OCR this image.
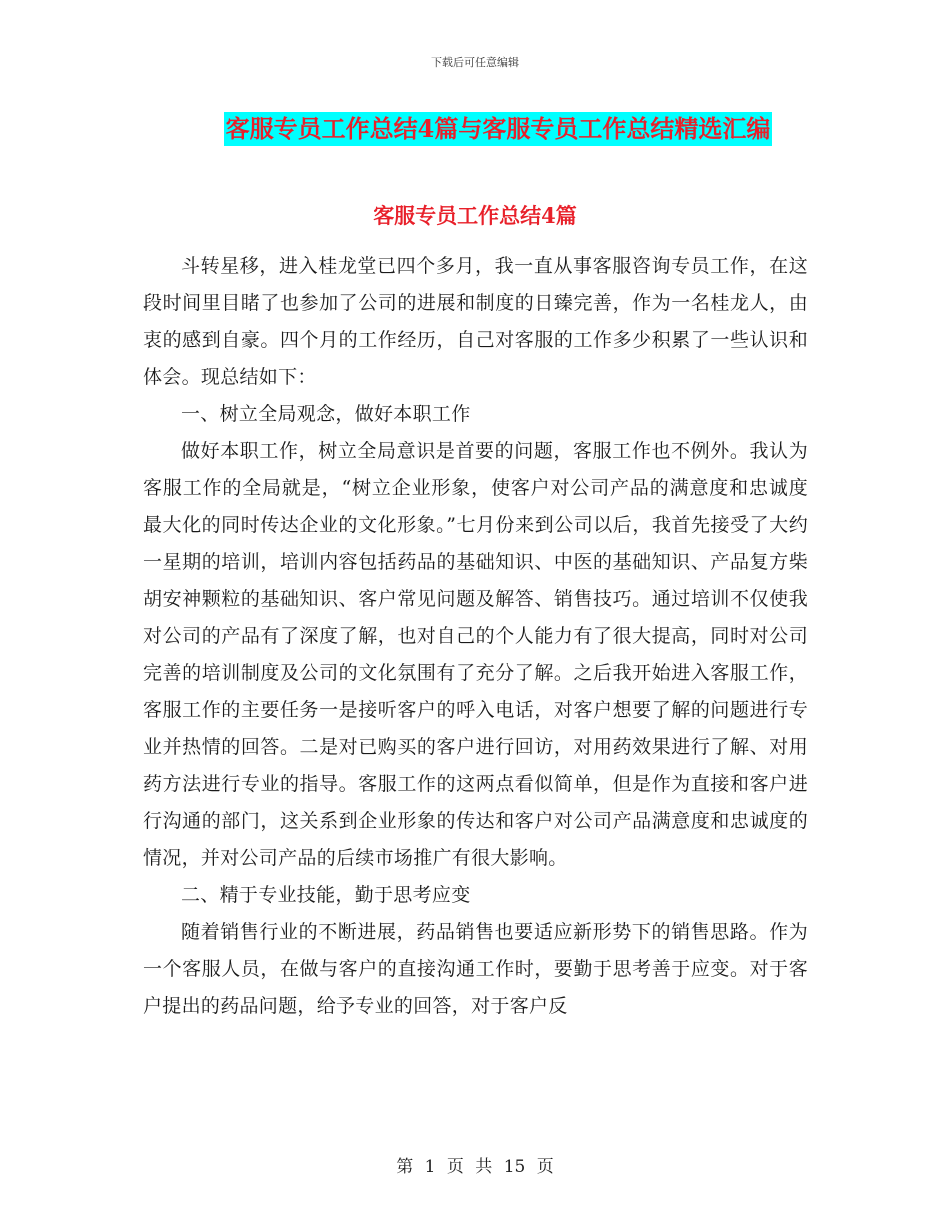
下载后可任意编辑
客服专员工作总结4篇与客服专员工作总结精选汇编
客服专员工作总结4篇

斗转星移，进入桂龙堂已四个多月，我一直从事客服咨询专员工作，在这段时间里目睹了也参加了公司的进展和制度的日臻完善，作为一名桂龙人，由衷的感到自豪。四个月的工作经历，自己对客服的工作多少积累了一些认识和体会。现总结如下：

一、树立全局观念，做好本职工作

做好本职工作，树立全局意识是首要的问题，客服工作也不例外。我认为客服工作的全局就是，“树立企业形象，使客户对公司产品的满意度和忠诚度最大化的同时传达企业的文化形象。”七月份来到公司以后，我首先接受了大约一星期的培训，培训内容包括药品的基础知识、中医的基础知识、产品复方柴胡安神颗粒的基础知识、客户常见问题及解答、销售技巧。通过培训不仅使我对公司的产品有了深度了解，也对自己的个人能力有了很大提高，同时对公司完善的培训制度及公司的文化氛围有了充分了解。之后我开始进入客服工作，客服工作的主要任务一是接听客户的呼入电话，对客户想要了解的问题进行专业并热情的回答。二是对已购买的客户进行回访，对用药效果进行了解、对用药方法进行专业的指导。客服工作的这两点看似简单，但是作为直接和客户进行沟通的部门，这关系到企业形象的传达和客户对公司产品满意度和忠诚度的情况，并对公司产品的后续市场推广有很大影响。

二、精于专业技能，勤于思考应变

随着销售行业的不断进展，药品销售也要适应新形势下的销售思路。作为一个客服人员，在做与客户的直接沟通工作时，要勤于思考善于应变。对于客户提出的药品问题，给予专业的回答，对于客户反

第 1 页 共 15 页
